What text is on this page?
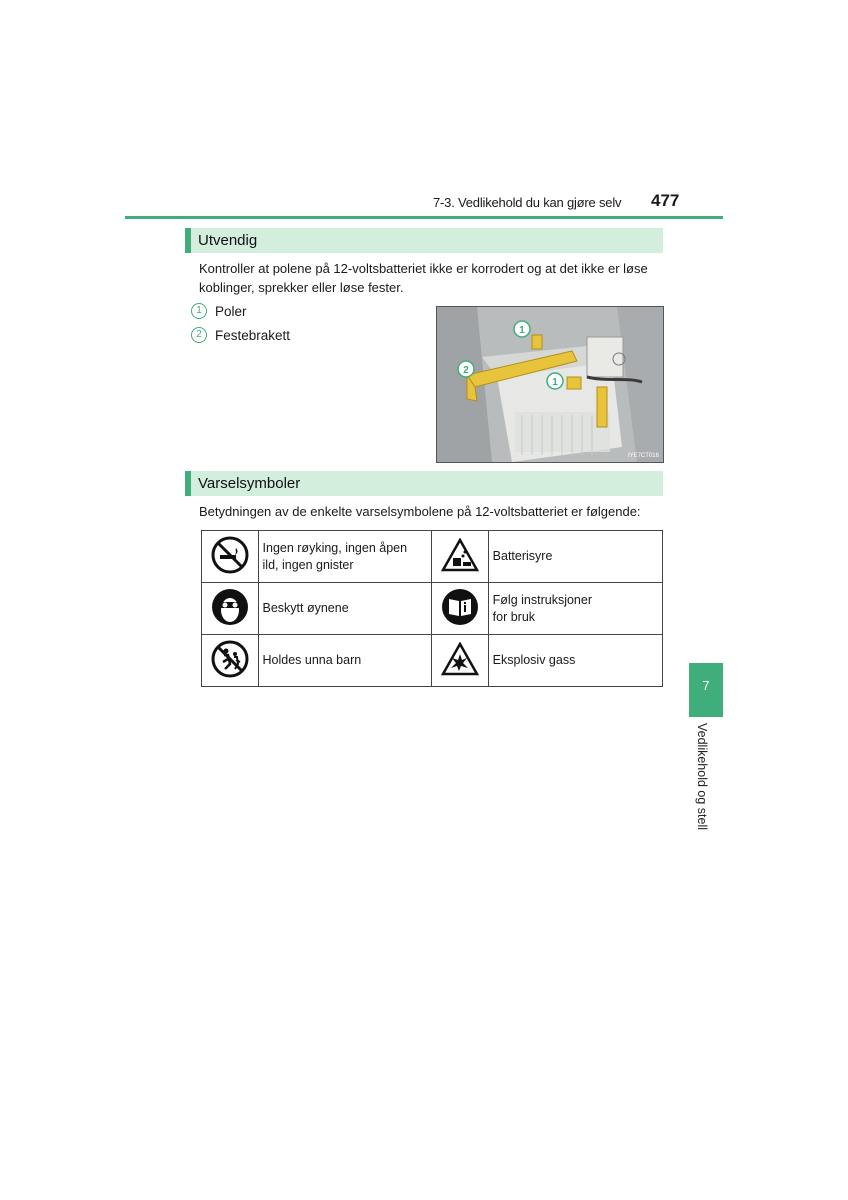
7-3. Vedlikehold du kan gjøre selv 477
Utvendig
Kontroller at polene på 12-voltsbatteriet ikke er korrodert og at det ikke er løse
koblinger, sprekker eller løse fester.
1 Poler
2 Festebrakett	1
2
1
IYE7CT016
Varselsymboler
Betydningen av de enkelte varselsymbolene på 12-voltsbatteriet er følgende:

Ingen røyking, ingen åpen
ild, ingen gnister		Batterisyre

Beskytt øynene		Følg instruksjoner
for bruk

Holdes unna barn		Eksplosiv gass
7
Vedlikehold og stell
